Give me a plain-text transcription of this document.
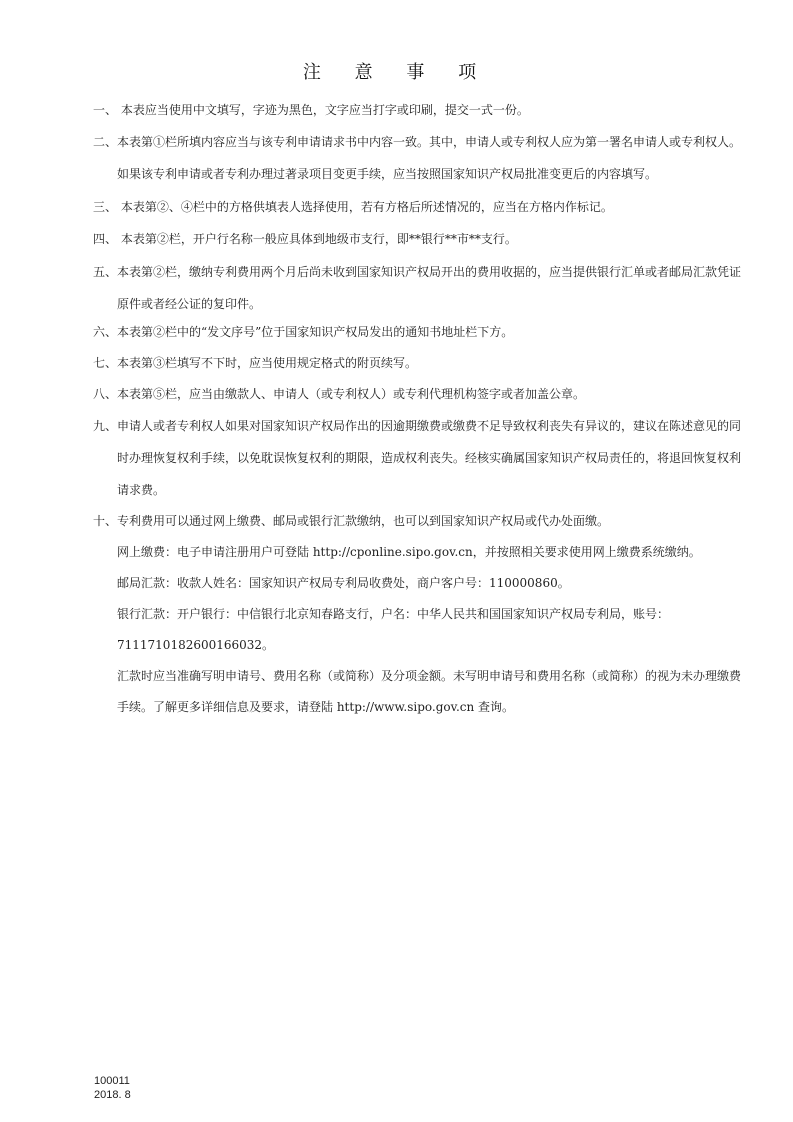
注 意 事 项
一、 本表应当使用中文填写，字迹为黑色，文字应当打字或印刷，提交一式一份。
二、本表第①栏所填内容应当与该专利申请请求书中内容一致。其中，申请人或专利权人应为第一署名申请人或专利权人。
如果该专利申请或者专利办理过著录项目变更手续，应当按照国家知识产权局批准变更后的内容填写。
三、 本表第②、④栏中的方格供填表人选择使用，若有方格后所述情况的，应当在方格内作标记。
四、 本表第②栏，开户行名称一般应具体到地级市支行，即**银行**市**支行。
五、本表第②栏，缴纳专利费用两个月后尚未收到国家知识产权局开出的费用收据的，应当提供银行汇单或者邮局汇款凭证
原件或者经公证的复印件。
六、本表第②栏中的“发文序号”位于国家知识产权局发出的通知书地址栏下方。
七、本表第③栏填写不下时，应当使用规定格式的附页续写。
八、本表第⑤栏，应当由缴款人、申请人（或专利权人）或专利代理机构签字或者加盖公章。
九、申请人或者专利权人如果对国家知识产权局作出的因逾期缴费或缴费不足导致权利丧失有异议的，建议在陈述意见的同
时办理恢复权利手续，以免耽误恢复权利的期限，造成权利丧失。经核实确属国家知识产权局责任的，将退回恢复权利
请求费。
十、专利费用可以通过网上缴费、邮局或银行汇款缴纳，也可以到国家知识产权局或代办处面缴。
网上缴费：电子申请注册用户可登陆 http://cponline.sipo.gov.cn，并按照相关要求使用网上缴费系统缴纳。
邮局汇款：收款人姓名：国家知识产权局专利局收费处，商户客户号：110000860。
银行汇款：开户银行：中信银行北京知春路支行，户名：中华人民共和国国家知识产权局专利局，账号：
7111710182600166032。
汇款时应当准确写明申请号、费用名称（或简称）及分项金额。未写明申请号和费用名称（或简称）的视为未办理缴费
手续。了解更多详细信息及要求，请登陆 http://www.sipo.gov.cn 查询。
100011
2018. 8
